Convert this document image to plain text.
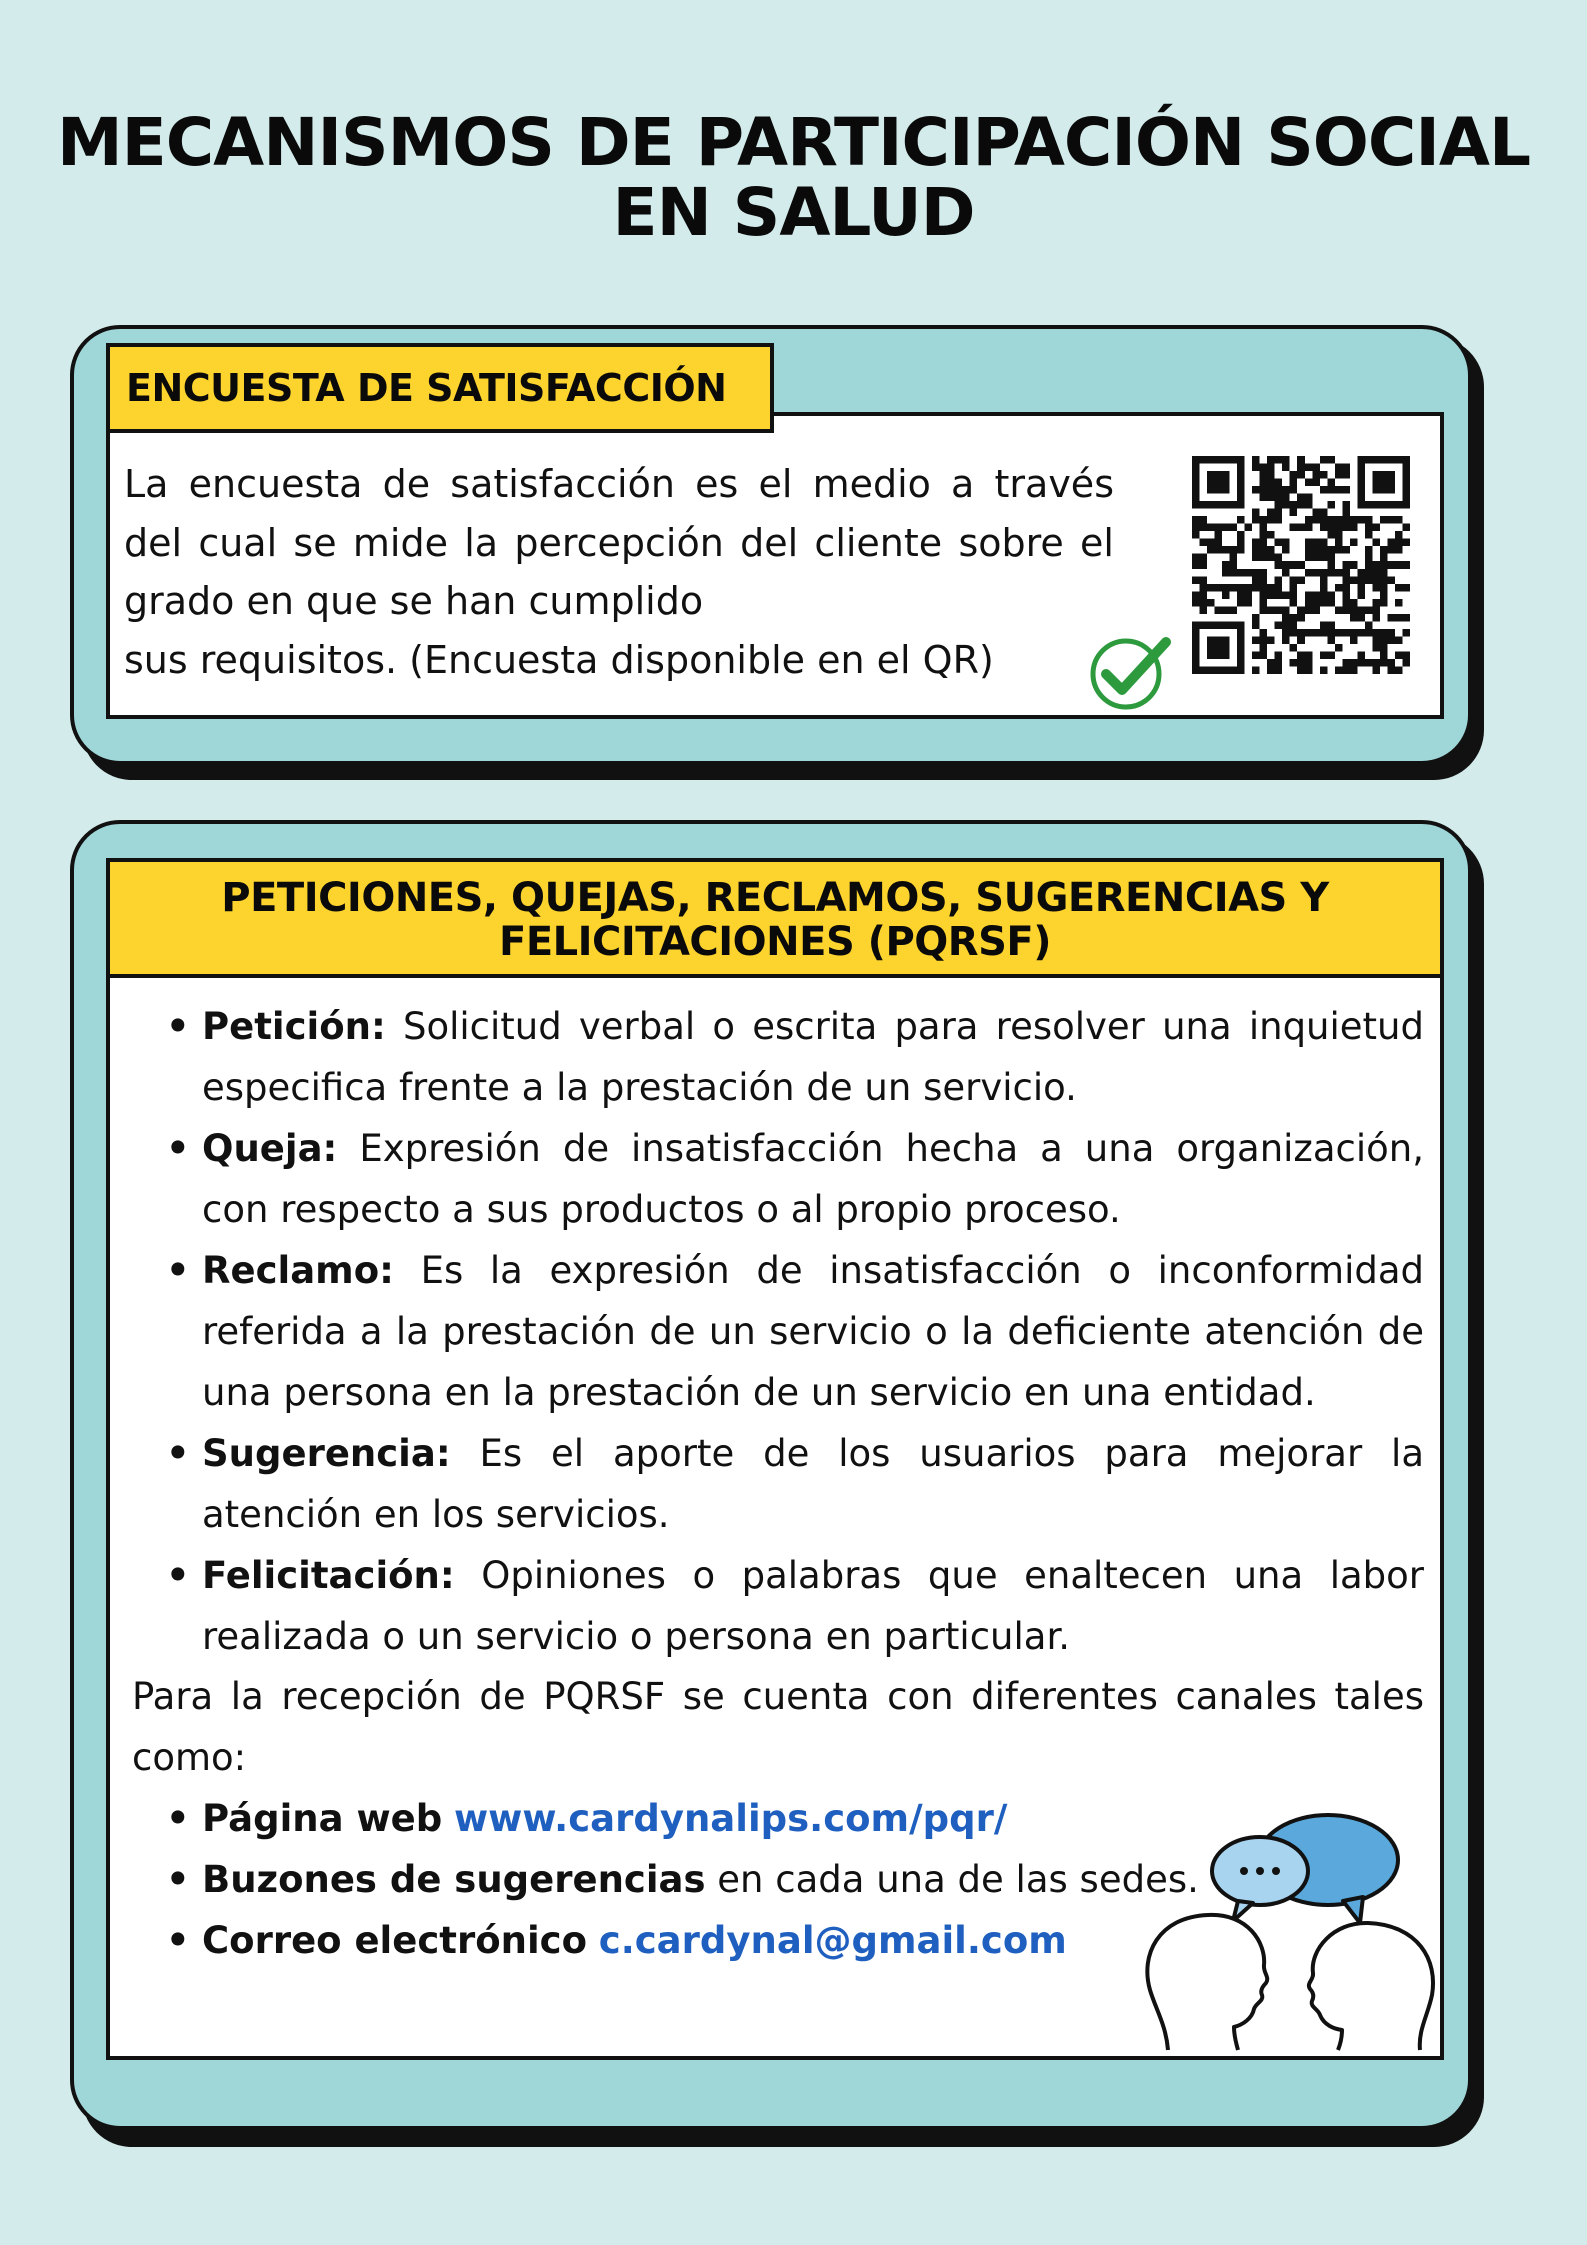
MECANISMOS DE PARTICIPACIÓN SOCIAL
EN SALUD
ENCUESTA DE SATISFACCIÓN
La encuesta de satisfacción es el medio a través del cual se mide la percepción del cliente sobre el grado en que se han cumplido
sus requisitos. (Encuesta disponible en el QR)
PETICIONES, QUEJAS, RECLAMOS, SUGERENCIAS Y
FELICITACIONES (PQRSF)
• Petición: Solicitud verbal o escrita para resolver una inquietud especifica frente a la prestación de un servicio.
• Queja: Expresión de insatisfacción hecha a una organización, con respecto a sus productos o al propio proceso.
• Reclamo: Es la expresión de insatisfacción o inconformidad referida a la prestación de un servicio o la deficiente atención de una persona en la prestación de un servicio en una entidad.
• Sugerencia: Es el aporte de los usuarios para mejorar la atención en los servicios.
• Felicitación: Opiniones o palabras que enaltecen una labor realizada o un servicio o persona en particular.
Para la recepción de PQRSF se cuenta con diferentes canales tales como:
• Página web www.cardynalips.com/pqr/
• Buzones de sugerencias en cada una de las sedes.
• Correo electrónico c.cardynal@gmail.com
